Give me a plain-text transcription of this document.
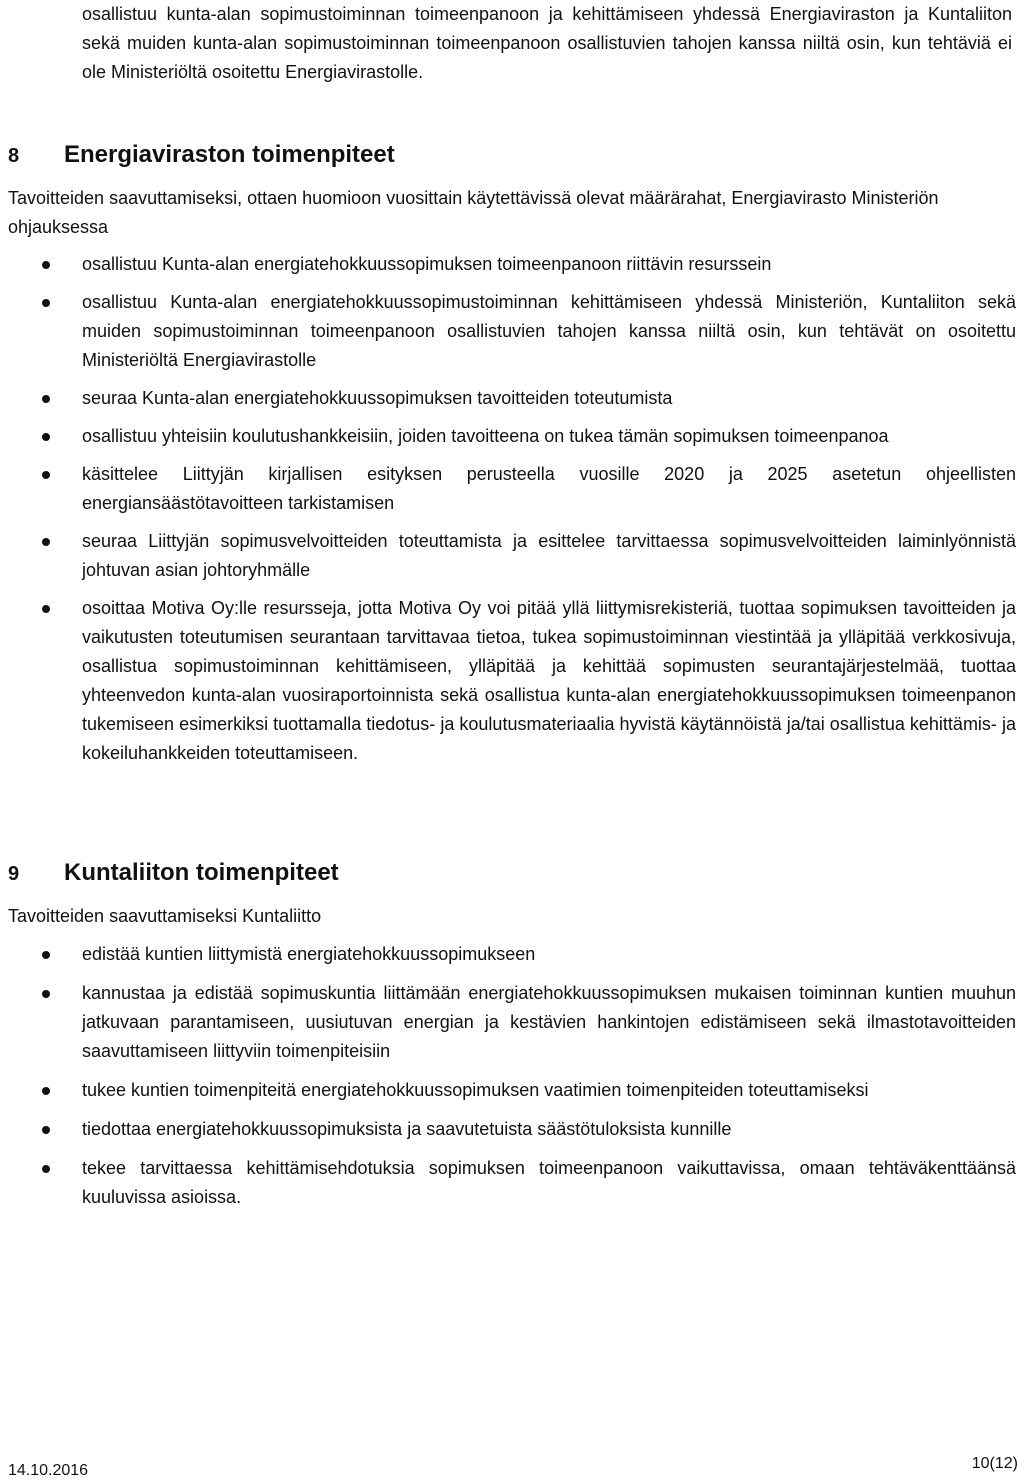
osallistuu kunta-alan sopimustoiminnan toimeenpanoon ja kehittämiseen yhdessä Energiaviraston ja Kuntaliiton sekä muiden kunta-alan sopimustoiminnan toimeenpanoon osallistuvien tahojen kanssa niiltä osin, kun tehtäviä ei ole Ministeriöltä osoitettu Energiavirastolle.

8 Energiaviraston toimenpiteet

Tavoitteiden saavuttamiseksi, ottaen huomioon vuosittain käytettävissä olevat määrärahat, Energiavirasto Ministeriön ohjauksessa

osallistuu Kunta-alan energiatehokkuussopimuksen toimeenpanoon riittävin resurssein
osallistuu Kunta-alan energiatehokkuussopimustoiminnan kehittämiseen yhdessä Ministeriön, Kuntaliiton sekä muiden sopimustoiminnan toimeenpanoon osallistuvien tahojen kanssa niiltä osin, kun tehtävät on osoitettu Ministeriöltä Energiavirastolle
seuraa Kunta-alan energiatehokkuussopimuksen tavoitteiden toteutumista
osallistuu yhteisiin koulutushankkeisiin, joiden tavoitteena on tukea tämän sopimuksen toimeenpanoa
käsittelee Liittyjän kirjallisen esityksen perusteella vuosille 2020 ja 2025 asetetun ohjeellisten energiansäästötavoitteen tarkistamisen
seuraa Liittyjän sopimusvelvoitteiden toteuttamista ja esittelee tarvittaessa sopimusvelvoitteiden laiminlyönnistä johtuvan asian johtoryhmälle
osoittaa Motiva Oy:lle resursseja, jotta Motiva Oy voi pitää yllä liittymisrekisteriä, tuottaa sopimuksen tavoitteiden ja vaikutusten toteutumisen seurantaan tarvittavaa tietoa, tukea sopimustoiminnan viestintää ja ylläpitää verkkosivuja, osallistua sopimustoiminnan kehittämiseen, ylläpitää ja kehittää sopimusten seurantajärjestelmää, tuottaa yhteenvedon kunta-alan vuosiraportoinnista sekä osallistua kunta-alan energiatehokkuussopimuksen toimeenpanon tukemiseen esimerkiksi tuottamalla tiedotus- ja koulutusmateriaalia hyvistä käytännöistä ja/tai osallistua kehittämis- ja kokeiluhankkeiden toteuttamiseen.
9 Kuntaliiton toimenpiteet

Tavoitteiden saavuttamiseksi Kuntaliitto

edistää kuntien liittymistä energiatehokkuussopimukseen
kannustaa ja edistää sopimuskuntia liittämään energiatehokkuussopimuksen mukaisen toiminnan kuntien muuhun jatkuvaan parantamiseen, uusiutuvan energian ja kestävien hankintojen edistämiseen sekä ilmastotavoitteiden saavuttamiseen liittyviin toimenpiteisiin
tukee kuntien toimenpiteitä energiatehokkuussopimuksen vaatimien toimenpiteiden toteuttamiseksi
tiedottaa energiatehokkuussopimuksista ja saavutetuista säästötuloksista kunnille
tekee tarvittaessa kehittämisehdotuksia sopimuksen toimeenpanoon vaikuttavissa, omaan tehtäväkenttäänsä kuuluvissa asioissa.
14.10.2016	10(12)
